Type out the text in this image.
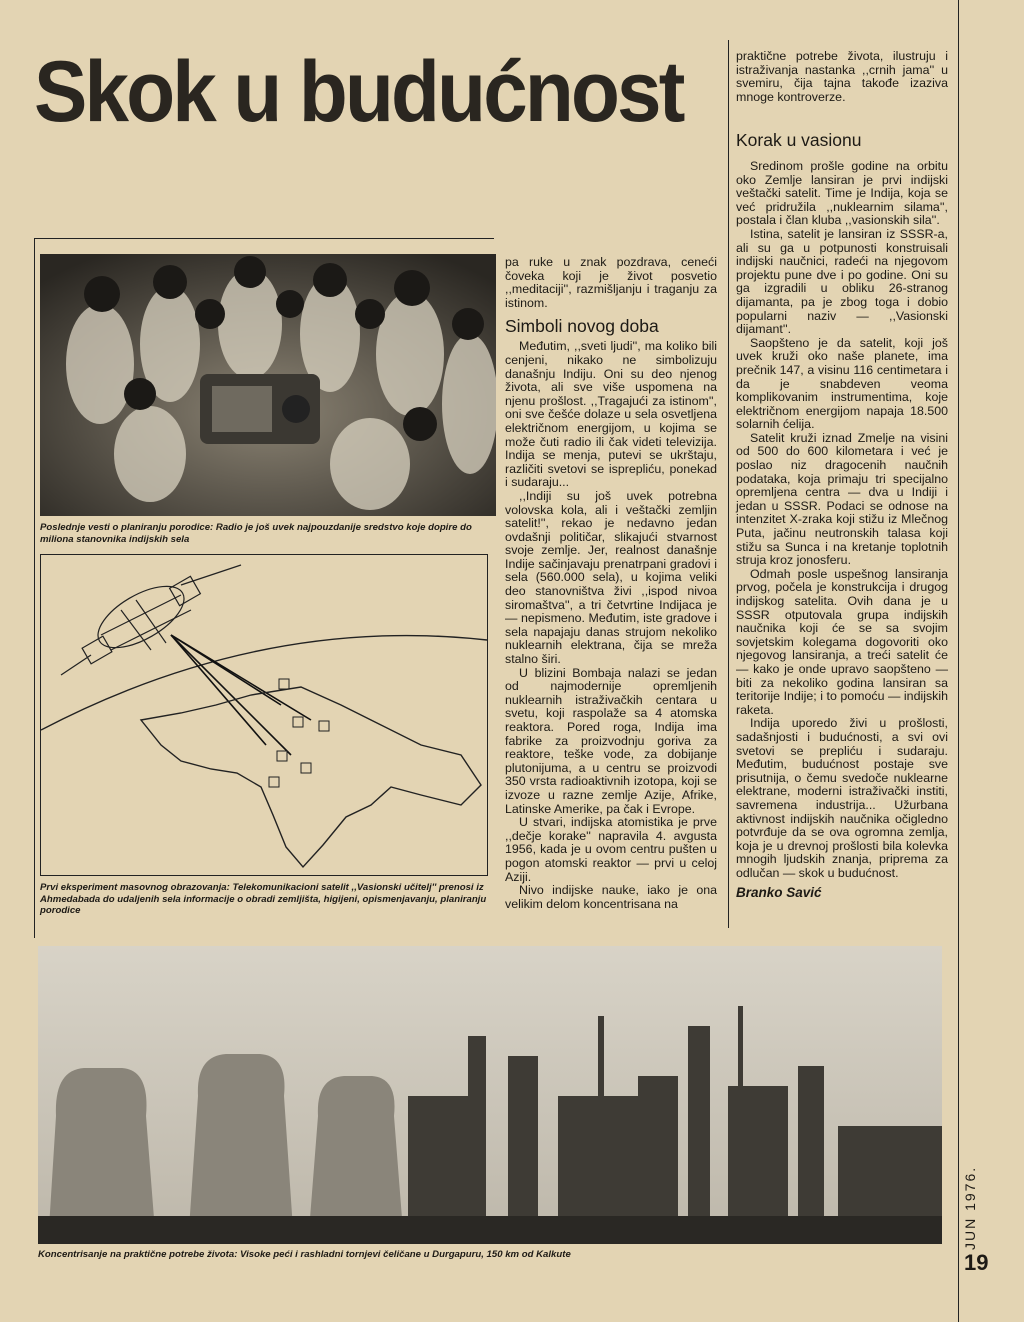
Skok u budućnost	praktične potrebe života, ilustruju i istraživanja nastanka ,,crnih jama'' u svemiru, čija tajna takođe izaziva mnoge kontroverze.

Korak u vasionu

Sredinom prošle godine na orbitu oko Zemlje lansiran je prvi indijski veštački satelit. Time je Indija, koja se već pridružila ,,nuklearnim silama'', postala i član kluba ,,vasionskih sila''.

Istina, satelit je lansiran iz SSSR-a, ali su ga u potpunosti konstruisali indijski naučnici, radeći na njegovom projektu pune dve i po godine. Oni su ga izgradili u obliku 26-stranog dijamanta, pa je zbog toga i dobio popularni naziv — ,,Vasionski dijamant''.

Saopšteno je da satelit, koji još uvek kruži oko naše planete, ima prečnik 147, a visinu 116 centimetara i da je snabdeven veoma komplikovanim instrumentima, koje električnom energijom napaja 18.500 solarnih ćelija.

Satelit kruži iznad Zmelje na visini od 500 do 600 kilometara i već je poslao niz dragocenih naučnih podataka, koja primaju tri specijalno opremljena centra — dva u Indiji i jedan u SSSR. Podaci se odnose na intenzitet X-zraka koji stižu iz Mlečnog Puta, jačinu neutronskih talasa koji stižu sa Sunca i na kretanje toplotnih struja kroz jonosferu.

Odmah posle uspešnog lansiranja prvog, počela je konstrukcija i drugog indijskog satelita. Ovih dana je u SSSR otputovala grupa indijskih naučnika koji će se sa svojim sovjetskim kolegama dogovoriti oko njegovog lansiranja, a treći satelit će — kako je onde upravo saopšteno — biti za nekoliko godina lansiran sa teritorije Indije; i to pomoću — indijskih raketa.

Indija uporedo živi u prošlosti, sadašnjosti i budućnosti, a svi ovi svetovi se prepliću i sudaraju. Međutim, budućnost postaje sve prisutnija, o čemu svedoče nuklearne elektrane, moderni istraživački institi, savremena industrija... Užurbana aktivnost indijskih naučnika očigledno potvrđuje da se ova ogromna zemlja, koja je u drevnoj prošlosti bila kolevka mnogih ljudskih znanja, priprema za odlučan — skok u budućnost.

Branko Savić

pa ruke u znak pozdrava, ceneći čoveka koji je život posvetio ,,meditaciji'', razmišljanju i traganju za istinom.

Simboli novog doba

Međutim, ,,sveti ljudi'', ma koliko bili cenjeni, nikako ne simbolizuju današnju Indiju. Oni su deo njenog života, ali sve više uspomena na njenu prošlost. ,,Tragajući za istinom'', oni sve češće dolaze u sela osvetljena električnom energijom, u kojima se može čuti radio ili čak videti televizija. Indija se menja, putevi se ukrštaju, različiti svetovi se isprepliću, ponekad i sudaraju...

,,Indiji su još uvek potrebna volovska kola, ali i veštački zemljin satelit!'', rekao je nedavno jedan ovdašnji političar, slikajući stvarnost svoje zemlje. Jer, realnost današnje Indije sačinjavaju prenatrpani gradovi i sela (560.000 sela), u kojima veliki deo stanovništva živi ,,ispod nivoa siromaštva'', a tri četvrtine Indijaca je — nepismeno. Međutim, iste gradove i sela napajaju danas strujom nekoliko nuklearnih elektrana, čija se mreža stalno širi.

U blizini Bombaja nalazi se jedan od najmodernije opremljenih nuklearnih istraživačkih centara u svetu, koji raspolaže sa 4 atomska reaktora. Pored roga, Indija ima fabrike za proizvodnju goriva za reaktore, teške vode, za dobijanje plutonijuma, a u centru se proizvodi 350 vrsta radioaktivnih izotopa, koji se izvoze u razne zemlje Azije, Afrike, Latinske Amerike, pa čak i Evrope.

U stvari, indijska atomistika je prve ,,dečje korake'' napravila 4. avgusta 1956, kada je u ovom centru pušten u pogon atomski reaktor — prvi u celoj Aziji.

Nivo indijske nauke, iako je ona velikim delom koncentrisana na

Poslednje vesti o planiranju porodice: Radio je još uvek najpouzdanije sredstvo koje dopire do miliona stanovnika indijskih sela
Prvi eksperiment masovnog obrazovanja: Telekomunikacioni satelit ,,Vasionski učitelj'' prenosi iz Ahmedabada do udaljenih sela informacije o obradi zemljišta, higijeni, opismenjavanju, planiranju porodice
Koncentrisanje na praktične potrebe života: Visoke peći i rashladni tornjevi čeličane u Durgapuru, 150 km od Kalkute
JUN 1976.
19
